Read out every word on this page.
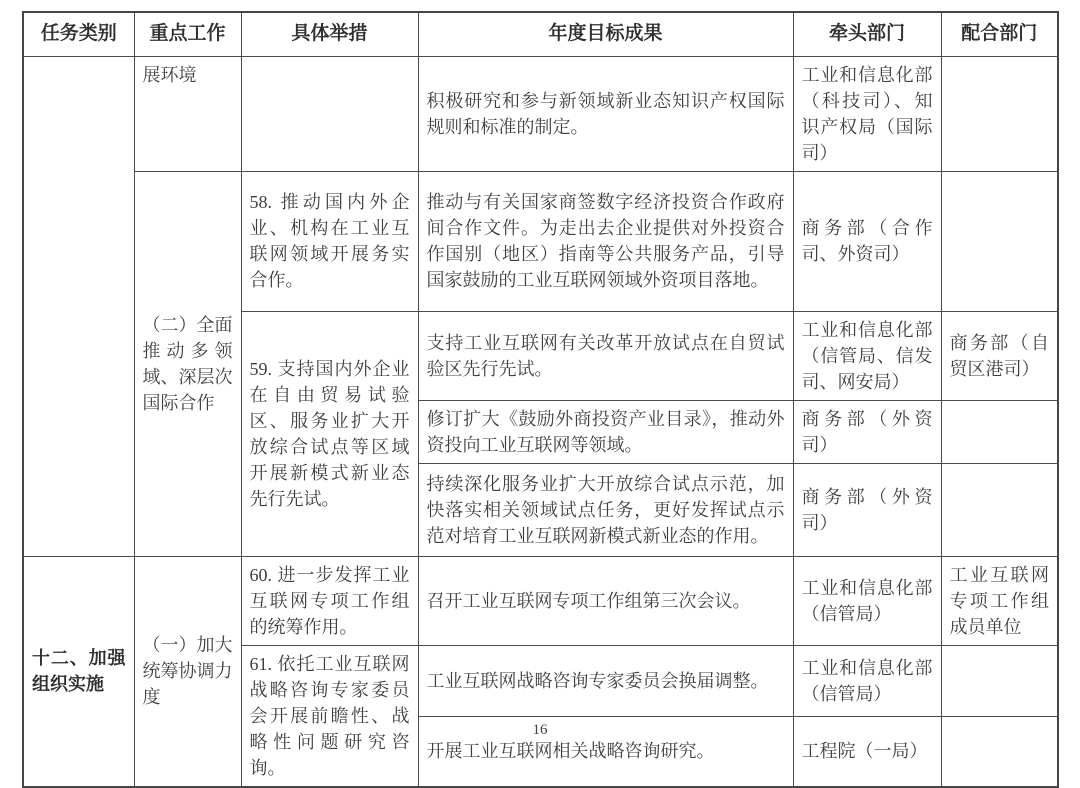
任务类别	重点工作	具体举措	年度目标成果	牵头部门	配合部门
	展环境		积极研究和参与新领域新业态知识产权国际规则和标准的制定。	工业和信息化部（科技司）、知识产权局（国际司）	
	（二）全面推动多领域、深层次国际合作	58. 推动国内外企业、机构在工业互联网领域开展务实合作。	推动与有关国家商签数字经济投资合作政府间合作文件。为走出去企业提供对外投资合作国别（地区）指南等公共服务产品，引导国家鼓励的工业互联网领域外资项目落地。	商务部（合作司、外资司）	
		59. 支持国内外企业在自由贸易试验区、服务业扩大开放综合试点等区域开展新模式新业态先行先试。	支持工业互联网有关改革开放试点在自贸试验区先行先试。	工业和信息化部（信管局、信发司、网安局）	商务部（自贸区港司）
			修订扩大《鼓励外商投资产业目录》，推动外资投向工业互联网等领域。	商务部（外资司）	
			持续深化服务业扩大开放综合试点示范，加快落实相关领域试点任务，更好发挥试点示范对培育工业互联网新模式新业态的作用。	商务部（外资司）	
十二、加强组织实施	（一）加大统筹协调力度	60. 进一步发挥工业互联网专项工作组的统筹作用。	召开工业互联网专项工作组第三次会议。	工业和信息化部（信管局）	工业互联网专项工作组成员单位
		61. 依托工业互联网战略咨询专家委员会开展前瞻性、战略性问题研究咨询。	工业互联网战略咨询专家委员会换届调整。	工业和信息化部（信管局）	
			开展工业互联网相关战略咨询研究。	工程院（一局）	
16
